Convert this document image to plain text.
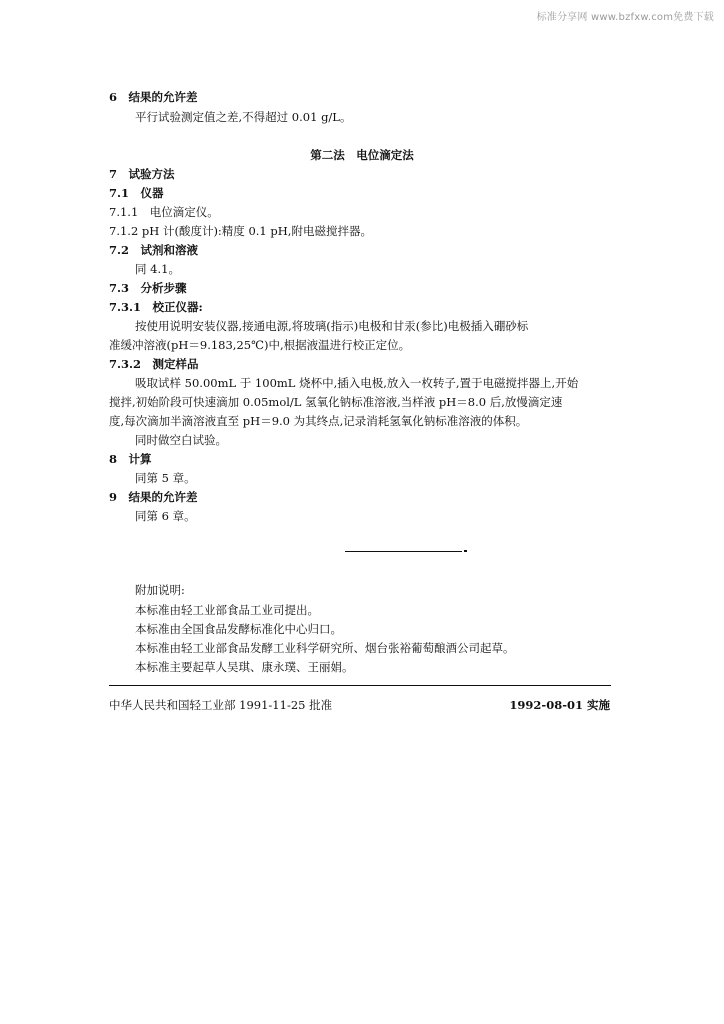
标准分享网 www.bzfxw.com免费下载
6　结果的允许差
平行试验测定值之差,不得超过 0.01 g/L。
第二法　电位滴定法
7　试验方法
7.1　仪器
7.1.1　电位滴定仪。
7.1.2 pH 计(酸度计):精度 0.1 pH,附电磁搅拌器。
7.2　试剂和溶液
同 4.1。
7.3　分析步骤
7.3.1　校正仪器:
按使用说明安装仪器,接通电源,将玻璃(指示)电极和甘汞(参比)电极插入硼砂标
准缓冲溶液(pH＝9.183,25℃)中,根据液温进行校正定位。
7.3.2　测定样品
吸取试样 50.00mL 于 100mL 烧杯中,插入电极,放入一枚转子,置于电磁搅拌器上,开始
搅拌,初始阶段可快速滴加 0.05mol/L 氢氧化钠标准溶液,当样液 pH＝8.0 后,放慢滴定速
度,每次滴加半滴溶液直至 pH＝9.0 为其终点,记录消耗氢氧化钠标准溶液的体积。
同时做空白试验。
8　计算
同第 5 章。
9　结果的允许差
同第 6 章。
附加说明:
本标准由轻工业部食品工业司提出。
本标准由全国食品发酵标准化中心归口。
本标准由轻工业部食品发酵工业科学研究所、烟台张裕葡萄酿酒公司起草。
本标准主要起草人吴琪、康永璞、王丽娟。
中华人民共和国轻工业部 1991-11-25 批准	1992-08-01 实施
